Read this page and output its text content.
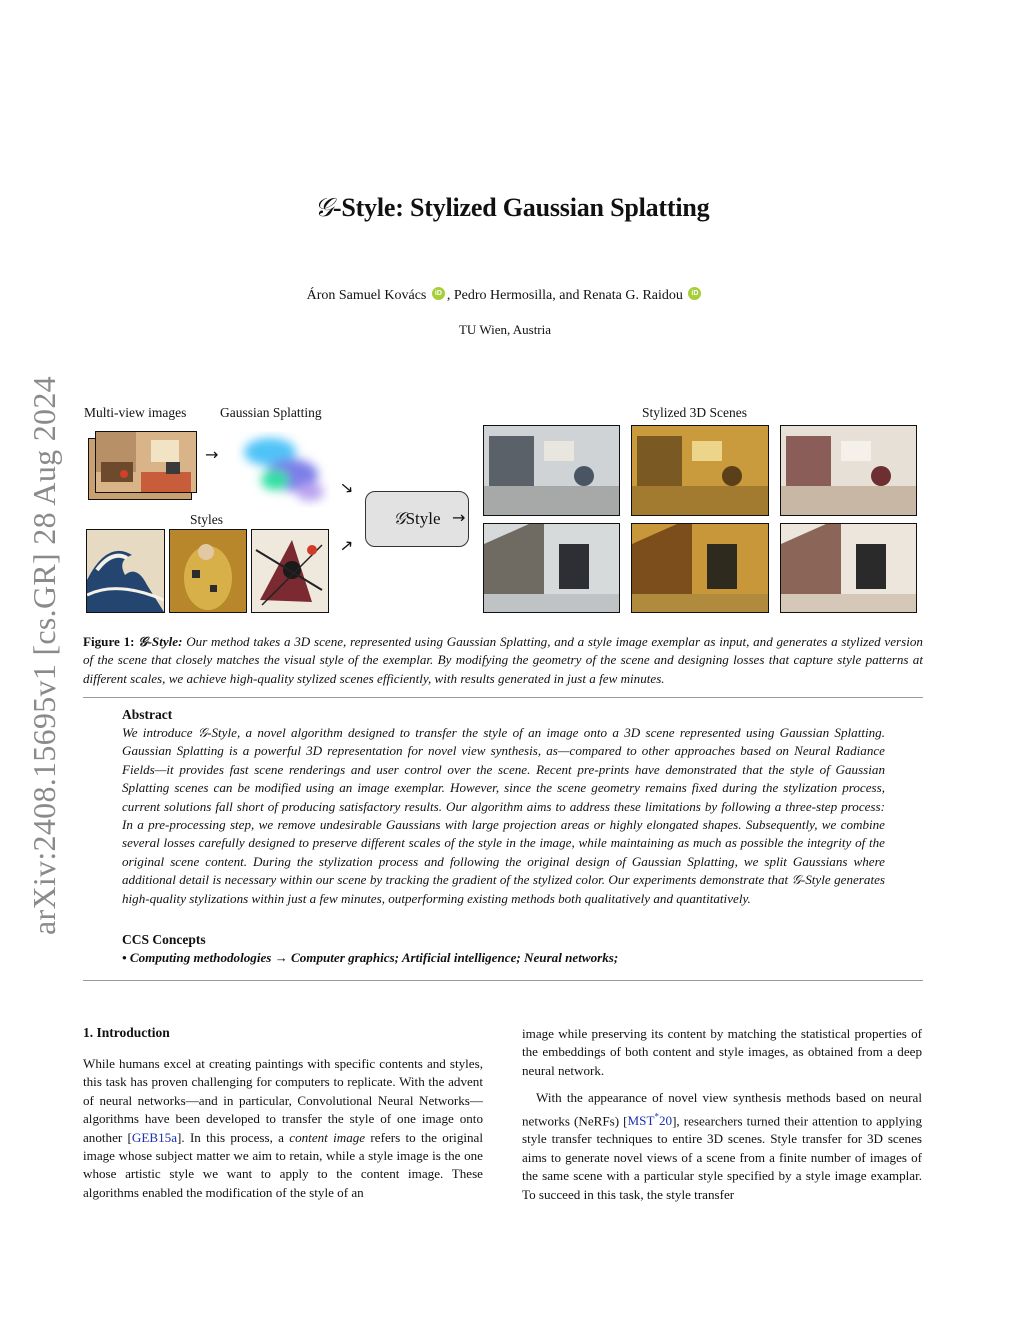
arXiv:2408.15695v1 [cs.GR] 28 Aug 2024
𝒢-Style: Stylized Gaussian Splatting
Áron Samuel Kovács iD , Pedro Hermosilla, and Renata G. Raidou iD
TU Wien, Austria
Multi-view images Gaussian Splatting
Styles
Stylized 3D Scenes
→
→
→
𝒢Style →
Figure 1: 𝒢-Style: Our method takes a 3D scene, represented using Gaussian Splatting, and a style image exemplar as input, and generates a stylized version of the scene that closely matches the visual style of the exemplar. By modifying the geometry of the scene and designing losses that capture style patterns at different scales, we achieve high-quality stylized scenes efficiently, with results generated in just a few minutes.
Abstract
We introduce 𝒢-Style, a novel algorithm designed to transfer the style of an image onto a 3D scene represented using Gaussian Splatting. Gaussian Splatting is a powerful 3D representation for novel view synthesis, as—compared to other approaches based on Neural Radiance Fields—it provides fast scene renderings and user control over the scene. Recent pre-prints have demonstrated that the style of Gaussian Splatting scenes can be modified using an image exemplar. However, since the scene geometry remains fixed during the stylization process, current solutions fall short of producing satisfactory results. Our algorithm aims to address these limitations by following a three-step process: In a pre-processing step, we remove undesirable Gaussians with large projection areas or highly elongated shapes. Subsequently, we combine several losses carefully designed to preserve different scales of the style in the image, while maintaining as much as possible the integrity of the original scene content. During the stylization process and following the original design of Gaussian Splatting, we split Gaussians where additional detail is necessary within our scene by tracking the gradient of the stylized color. Our experiments demonstrate that 𝒢-Style generates high-quality stylizations within just a few minutes, outperforming existing methods both qualitatively and quantitatively.
CCS Concepts
• Computing methodologies → Computer graphics; Artificial intelligence; Neural networks;
1. Introduction

While humans excel at creating paintings with specific contents and styles, this task has proven challenging for computers to replicate. With the advent of neural networks—and in particular, Convolutional Neural Networks—algorithms have been developed to transfer the style of one image onto another [GEB15a]. In this process, a content image refers to the original image whose subject matter we aim to retain, while a style image is the one whose artistic style we want to apply to the content image. These algorithms enabled the modification of the style of an

image while preserving its content by matching the statistical properties of the embeddings of both content and style images, as obtained from a deep neural network.

With the appearance of novel view synthesis methods based on neural networks (NeRFs) [MST*20], researchers turned their attention to applying style transfer techniques to entire 3D scenes. Style transfer for 3D scenes aims to generate novel views of a scene from a finite number of images of the same scene with a particular style specified by a style image examplar. To succeed in this task, the style transfer
